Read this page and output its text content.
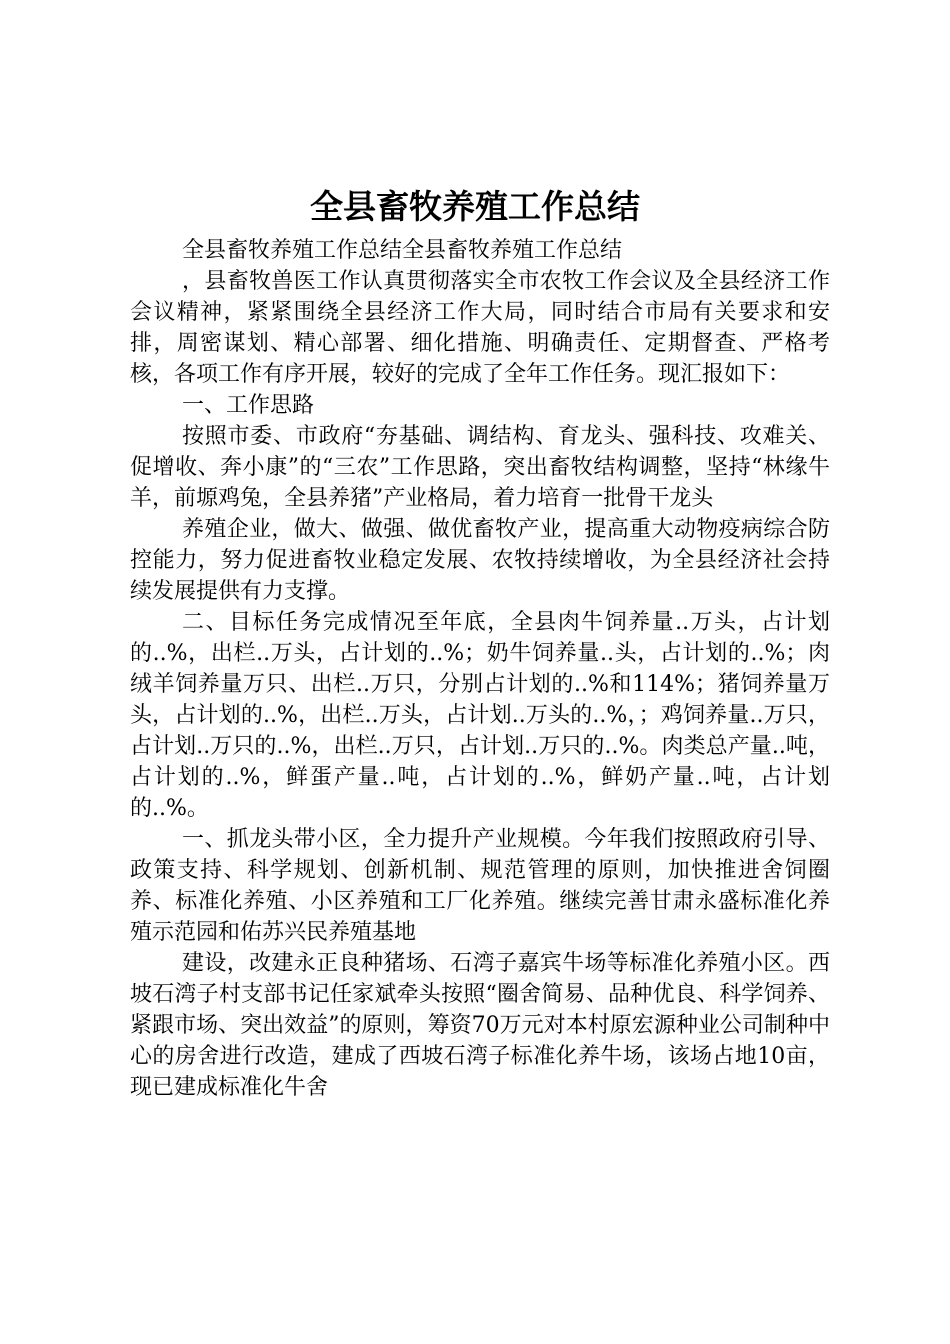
全县畜牧养殖工作总结

全县畜牧养殖工作总结全县畜牧养殖工作总结

，县畜牧兽医工作认真贯彻落实全市农牧工作会议及全县经济工作会议精神，紧紧围绕全县经济工作大局，同时结合市局有关要求和安排，周密谋划、精心部署、细化措施、明确责任、定期督查、严格考核，各项工作有序开展，较好的完成了全年工作任务。现汇报如下：

一、工作思路

按照市委、市政府“夯基础、调结构、育龙头、强科技、攻难关、促增收、奔小康”的“三农”工作思路，突出畜牧结构调整，坚持“林缘牛羊，前塬鸡兔，全县养猪”产业格局，着力培育一批骨干龙头

养殖企业，做大、做强、做优畜牧产业，提高重大动物疫病综合防控能力，努力促进畜牧业稳定发展、农牧持续增收，为全县经济社会持续发展提供有力支撑。

二、目标任务完成情况至年底，全县肉牛饲养量..万头，占计划的..%，出栏..万头，占计划的..%；奶牛饲养量..头，占计划的..%；肉绒羊饲养量万只、出栏..万只，分别占计划的..%和114%；猪饲养量万头，占计划的..%，出栏..万头，占计划..万头的..%，；鸡饲养量..万只，占计划..万只的..%，出栏..万只，占计划..万只的..%。肉类总产量..吨，占计划的..%，鲜蛋产量..吨，占计划的..%，鲜奶产量..吨，占计划的..%。

一、抓龙头带小区，全力提升产业规模。今年我们按照政府引导、政策支持、科学规划、创新机制、规范管理的原则，加快推进舍饲圈养、标准化养殖、小区养殖和工厂化养殖。继续完善甘肃永盛标准化养殖示范园和佑苏兴民养殖基地

建设，改建永正良种猪场、石湾子嘉宾牛场等标准化养殖小区。西坡石湾子村支部书记任家斌牵头按照“圈舍简易、品种优良、科学饲养、紧跟市场、突出效益”的原则，筹资70万元对本村原宏源种业公司制种中心的房舍进行改造，建成了西坡石湾子标准化养牛场，该场占地10亩，现已建成标准化牛舍
